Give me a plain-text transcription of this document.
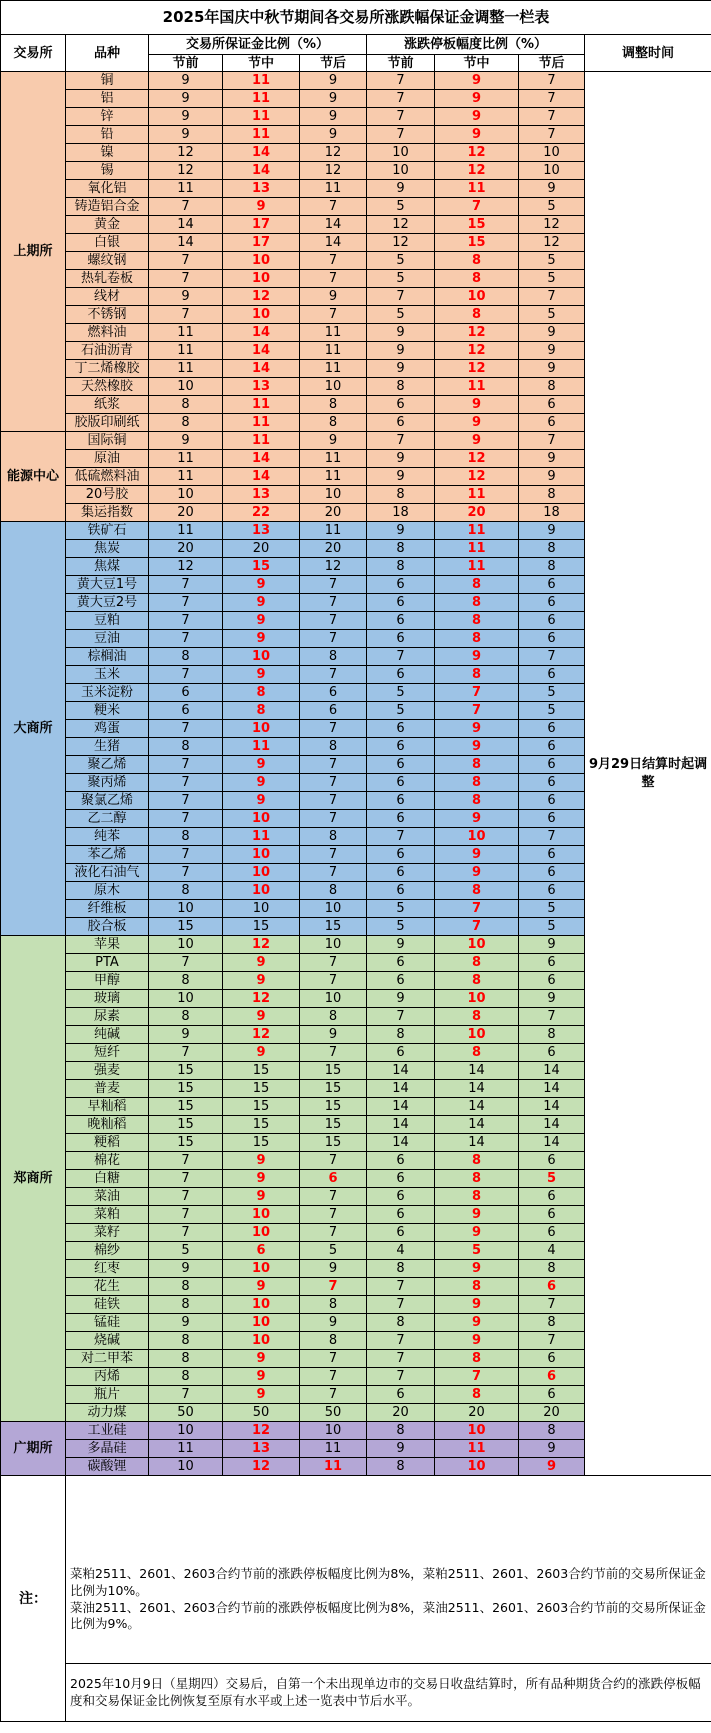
2025年国庆中秋节期间各交易所涨跌幅保证金调整一栏表								
交易所	品种	交易所保证金比例（%）			涨跌停板幅度比例（%）			调整时间
		节前	节中	节后	节前	节中	节后	
上期所	铜	9	11	9	7	9	7	9月29日结算时起调整
	铝	9	11	9	7	9	7	
	锌	9	11	9	7	9	7	
	铅	9	11	9	7	9	7	
	镍	12	14	12	10	12	10	
	锡	12	14	12	10	12	10	
	氧化铝	11	13	11	9	11	9	
	铸造铝合金	7	9	7	5	7	5	
	黄金	14	17	14	12	15	12	
	白银	14	17	14	12	15	12	
	螺纹钢	7	10	7	5	8	5	
	热轧卷板	7	10	7	5	8	5	
	线材	9	12	9	7	10	7	
	不锈钢	7	10	7	5	8	5	
	燃料油	11	14	11	9	12	9	
	石油沥青	11	14	11	9	12	9	
	丁二烯橡胶	11	14	11	9	12	9	
	天然橡胶	10	13	10	8	11	8	
	纸浆	8	11	8	6	9	6	
	胶版印刷纸	8	11	8	6	9	6	
能源中心	国际铜	9	11	9	7	9	7	
	原油	11	14	11	9	12	9	
	低硫燃料油	11	14	11	9	12	9	
	20号胶	10	13	10	8	11	8	
	集运指数	20	22	20	18	20	18	
大商所	铁矿石	11	13	11	9	11	9	
	焦炭	20	20	20	8	11	8	
	焦煤	12	15	12	8	11	8	
	黄大豆1号	7	9	7	6	8	6	
	黄大豆2号	7	9	7	6	8	6	
	豆粕	7	9	7	6	8	6	
	豆油	7	9	7	6	8	6	
	棕榈油	8	10	8	7	9	7	
	玉米	7	9	7	6	8	6	
	玉米淀粉	6	8	6	5	7	5	
	粳米	6	8	6	5	7	5	
	鸡蛋	7	10	7	6	9	6	
	生猪	8	11	8	6	9	6	
	聚乙烯	7	9	7	6	8	6	
	聚丙烯	7	9	7	6	8	6	
	聚氯乙烯	7	9	7	6	8	6	
	乙二醇	7	10	7	6	9	6	
	纯苯	8	11	8	7	10	7	
	苯乙烯	7	10	7	6	9	6	
	液化石油气	7	10	7	6	9	6	
	原木	8	10	8	6	8	6	
	纤维板	10	10	10	5	7	5	
	胶合板	15	15	15	5	7	5	
郑商所	苹果	10	12	10	9	10	9	
	PTA	7	9	7	6	8	6	
	甲醇	8	9	7	6	8	6	
	玻璃	10	12	10	9	10	9	
	尿素	8	9	8	7	8	7	
	纯碱	9	12	9	8	10	8	
	短纤	7	9	7	6	8	6	
	强麦	15	15	15	14	14	14	
	普麦	15	15	15	14	14	14	
	早籼稻	15	15	15	14	14	14	
	晚籼稻	15	15	15	14	14	14	
	粳稻	15	15	15	14	14	14	
	棉花	7	9	7	6	8	6	
	白糖	7	9	6	6	8	5	
	菜油	7	9	7	6	8	6	
	菜粕	7	10	7	6	9	6	
	菜籽	7	10	7	6	9	6	
	棉纱	5	6	5	4	5	4	
	红枣	9	10	9	8	9	8	
	花生	8	9	7	7	8	6	
	硅铁	8	10	8	7	9	7	
	锰硅	9	10	9	8	9	8	
	烧碱	8	10	8	7	9	7	
	对二甲苯	8	9	7	7	8	6	
	丙烯	8	9	7	7	7	6	
	瓶片	7	9	7	6	8	6	
	动力煤	50	50	50	20	20	20	
广期所	工业硅	10	12	10	8	10	8	
	多晶硅	11	13	11	9	11	9	
	碳酸锂	10	12	11	8	10	9	
注：	菜粕2511、2601、2603合约节前的涨跌停板幅度比例为8%，菜粕2511、2601、2603合约节前的交易所保证金比例为10%。
菜油2511、2601、2603合约节前的涨跌停板幅度比例为8%，菜油2511、2601、2603合约节前的交易所保证金比例为9%。							

	2025年10月9日（星期四）交易后，自第一个未出现单边市的交易日收盘结算时，所有品种期货合约的涨跌停板幅度和交易保证金比例恢复至原有水平或上述一览表中节后水平。							
